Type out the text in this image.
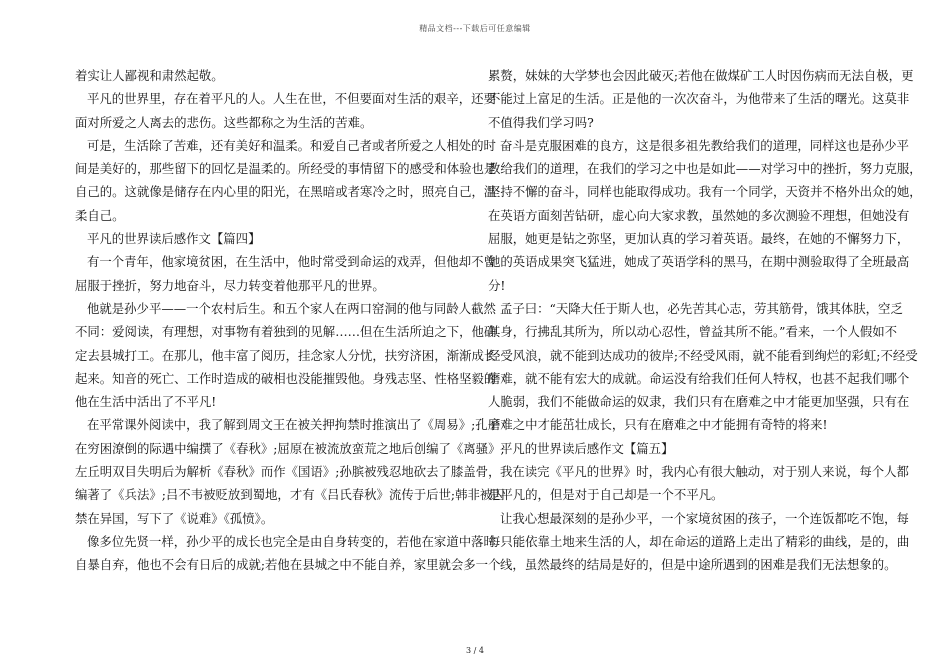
精品文档---下载后可任意编辑
着实让人鄙视和肃然起敬。
平凡的世界里，存在着平凡的人。人生在世，不但要面对生活的艰辛，还要
面对所爱之人离去的悲伤。这些都称之为生活的苦难。
可是，生活除了苦难，还有美好和温柔。和爱自己者或者所爱之人相处的时
间是美好的，那些留下的回忆是温柔的。所经受的事情留下的感受和体验也是
自己的。这就像是储存在内心里的阳光，在黑暗或者寒冷之时，照亮自己，温
柔自己。
平凡的世界读后感作文【篇四】
有一个青年，他家境贫困，在生活中，他时常受到命运的戏弄，但他却不曾
屈服于挫折，努力地奋斗，尽力转变着他那平凡的世界。
他就是孙少平——一个农村后生。和五个家人在两口窑洞的他与同龄人截然
不同：爱阅读，有理想，对事物有着独到的见解……但在生活所迫之下，他确
定去县城打工。在那儿，他丰富了阅历，挂念家人分忧，扶穷济困，渐渐成长
起来。知音的死亡、工作时造成的破相也没能摧毁他。身残志坚、性格坚毅的
他在生活中活出了不平凡!
在平常课外阅读中，我了解到周文王在被关押拘禁时推演出了《周易》;孔子
在穷困潦倒的际遇中编撰了《春秋》;屈原在被流放蛮荒之地后创编了《离骚》;
左丘明双目失明后为解析《春秋》而作《国语》;孙膑被残忍地砍去了膝盖骨，
编著了《兵法》;吕不韦被贬放到蜀地，才有《吕氏春秋》流传于后世;韩非被囚
禁在异国，写下了《说难》《孤愤》。
像多位先贤一样，孙少平的成长也完全是由自身转变的，若他在家道中落时
自暴自弃，他也不会有日后的成就;若他在县城之中不能自养，家里就会多一个
累赘，妹妹的大学梦也会因此破灭;若他在做煤矿工人时因伤病而无法自极，更
不能过上富足的生活。正是他的一次次奋斗，为他带来了生活的曙光。这莫非
不值得我们学习吗?
奋斗是克服困难的良方，这是很多祖先教给我们的道理，同样这也是孙少平
教给我们的道理，在我们的学习之中也是如此——对学习中的挫折，努力克服，
坚持不懈的奋斗，同样也能取得成功。我有一个同学，天资并不格外出众的她，
在英语方面刻苦钻研，虚心向大家求教，虽然她的多次测验不理想，但她没有
屈服，她更是钻之弥坚，更加认真的学习着英语。最终，在她的不懈努力下，
她的英语成果突飞猛进，她成了英语学科的黑马，在期中测验取得了全班最高
分!
孟子曰：“天降大任于斯人也，必先苦其心志，劳其筋骨，饿其体肤，空乏
其身，行拂乱其所为，所以动心忍性，曾益其所不能。”看来，一个人假如不
经受风浪，就不能到达成功的彼岸;不经受风雨，就不能看到绚烂的彩虹;不经受
磨难，就不能有宏大的成就。命运没有给我们任何人特权，也甚不起我们哪个
人脆弱，我们不能做命运的奴隶，我们只有在磨难之中才能更加坚强，只有在
磨难之中才能茁壮成长，只有在磨难之中才能拥有奇特的将来!
平凡的世界读后感作文【篇五】
我在读完《平凡的世界》时，我内心有很大触动，对于别人来说，每个人都
是平凡的，但是对于自己却是一个不平凡。
让我心想最深刻的是孙少平，一个家境贫困的孩子，一个连饭都吃不饱，每
每只能依靠土地来生活的人，却在命运的道路上走出了精彩的曲线，是的，曲
线，虽然最终的结局是好的，但是中途所遇到的困难是我们无法想象的。
3 / 4
